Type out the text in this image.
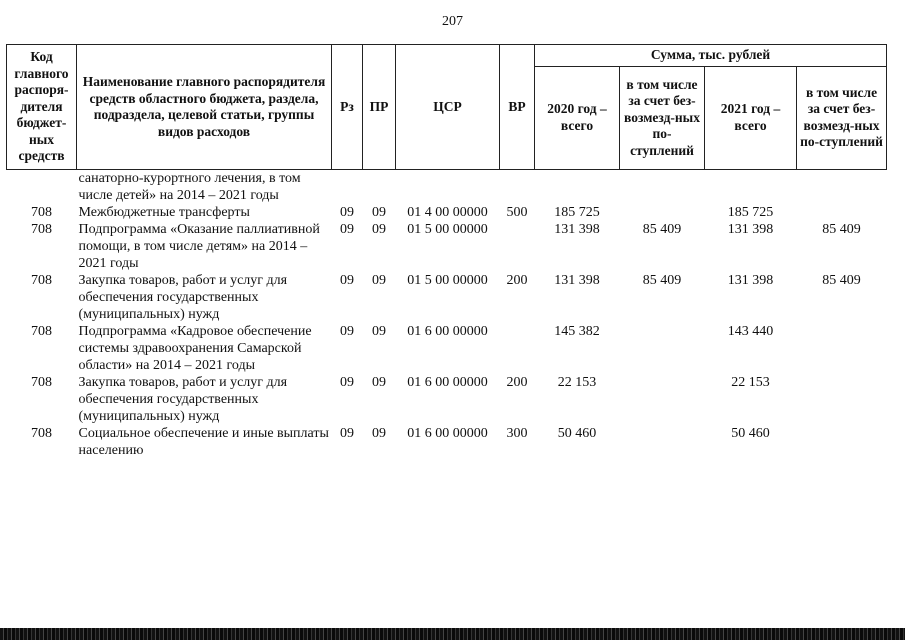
207
Код главного распоря-дителя бюджет-ных средств	Наименование главного распорядителя средств областного бюджета, раздела, подраздела, целевой статьи, группы видов расходов	Рз	ПР	ЦСР	ВР	Сумма, тыс. рублей			
						2020 год – всего	в том числе за счет без-возмезд-ных по-ступлений	2021 год – всего	в том числе за счет без-возмезд-ных по-ступлений
	санаторно-курортного лечения, в том числе детей» на 2014 – 2021 годы								
708	Межбюджетные трансферты	09	09	01 4 00 00000	500	185 725		185 725	
708	Подпрограмма «Оказание паллиативной помощи, в том числе детям» на 2014 – 2021 годы	09	09	01 5 00 00000		131 398	85 409	131 398	85 409
708	Закупка товаров, работ и услуг для обеспечения государственных (муниципальных) нужд	09	09	01 5 00 00000	200	131 398	85 409	131 398	85 409
708	Подпрограмма «Кадровое обеспечение системы здравоохранения Самарской области» на 2014 – 2021 годы	09	09	01 6 00 00000		145 382		143 440	
708	Закупка товаров, работ и услуг для обеспечения государственных (муниципальных) нужд	09	09	01 6 00 00000	200	22 153		22 153	
708	Социальное обеспечение и иные выплаты населению	09	09	01 6 00 00000	300	50 460		50 460	
